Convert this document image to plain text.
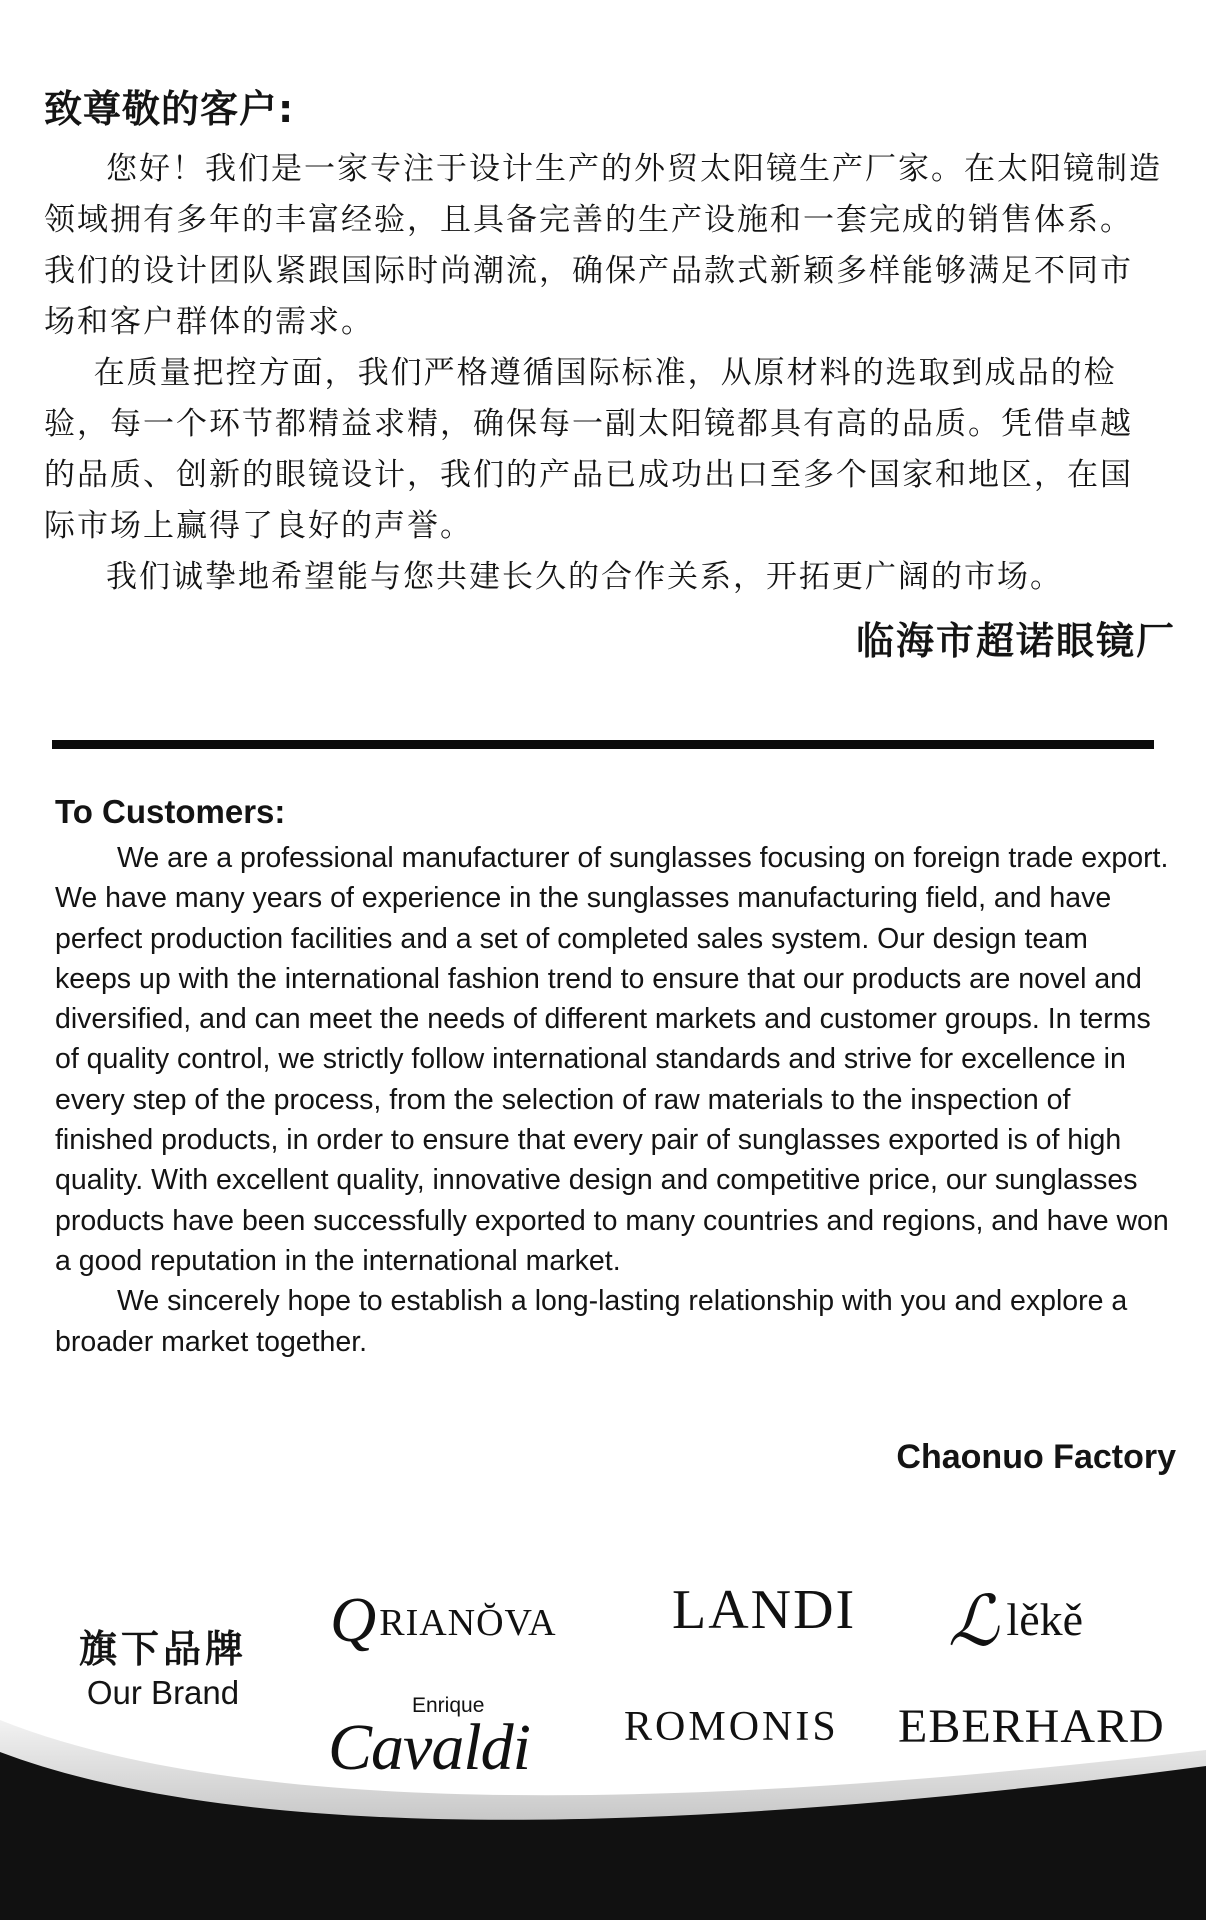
致尊敬的客户:

您好！我们是一家专注于设计生产的外贸太阳镜生产厂家。在太阳镜制造领域拥有多年的丰富经验，且具备完善的生产设施和一套完成的销售体系。我们的设计团队紧跟国际时尚潮流，确保产品款式新颖多样能够满足不同市场和客户群体的需求。

在质量把控方面，我们严格遵循国际标准，从原材料的选取到成品的检验，每一个环节都精益求精，确保每一副太阳镜都具有高的品质。凭借卓越的品质、创新的眼镜设计，我们的产品已成功出口至多个国家和地区，在国际市场上赢得了良好的声誉。

我们诚挚地希望能与您共建长久的合作关系，开拓更广阔的市场。

临海市超诺眼镜厂
To Customers:

We are a professional manufacturer of sunglasses focusing on foreign trade export.

We have many years of experience in the sunglasses manufacturing field, and have perfect production facilities and a set of completed sales system. Our design team keeps up with the international fashion trend to ensure that our products are novel and diversified, and can meet the needs of different markets and customer groups. In terms of quality control, we strictly follow international standards and strive for excellence in every step of the process, from the selection of raw materials to the inspection of finished products, in order to ensure that every pair of sunglasses exported is of high quality. With excellent quality, innovative design and competitive price, our sunglasses products have been successfully exported to many countries and regions, and have won a good reputation in the international market.

We sincerely hope to establish a long-lasting relationship with you and explore a broader market together.

Chaonuo Factory
旗下品牌
Our Brand
QRIANŎVA LANDI ℒlěkě
Enrique
Cavaldi ROMONIS EBERHARD
